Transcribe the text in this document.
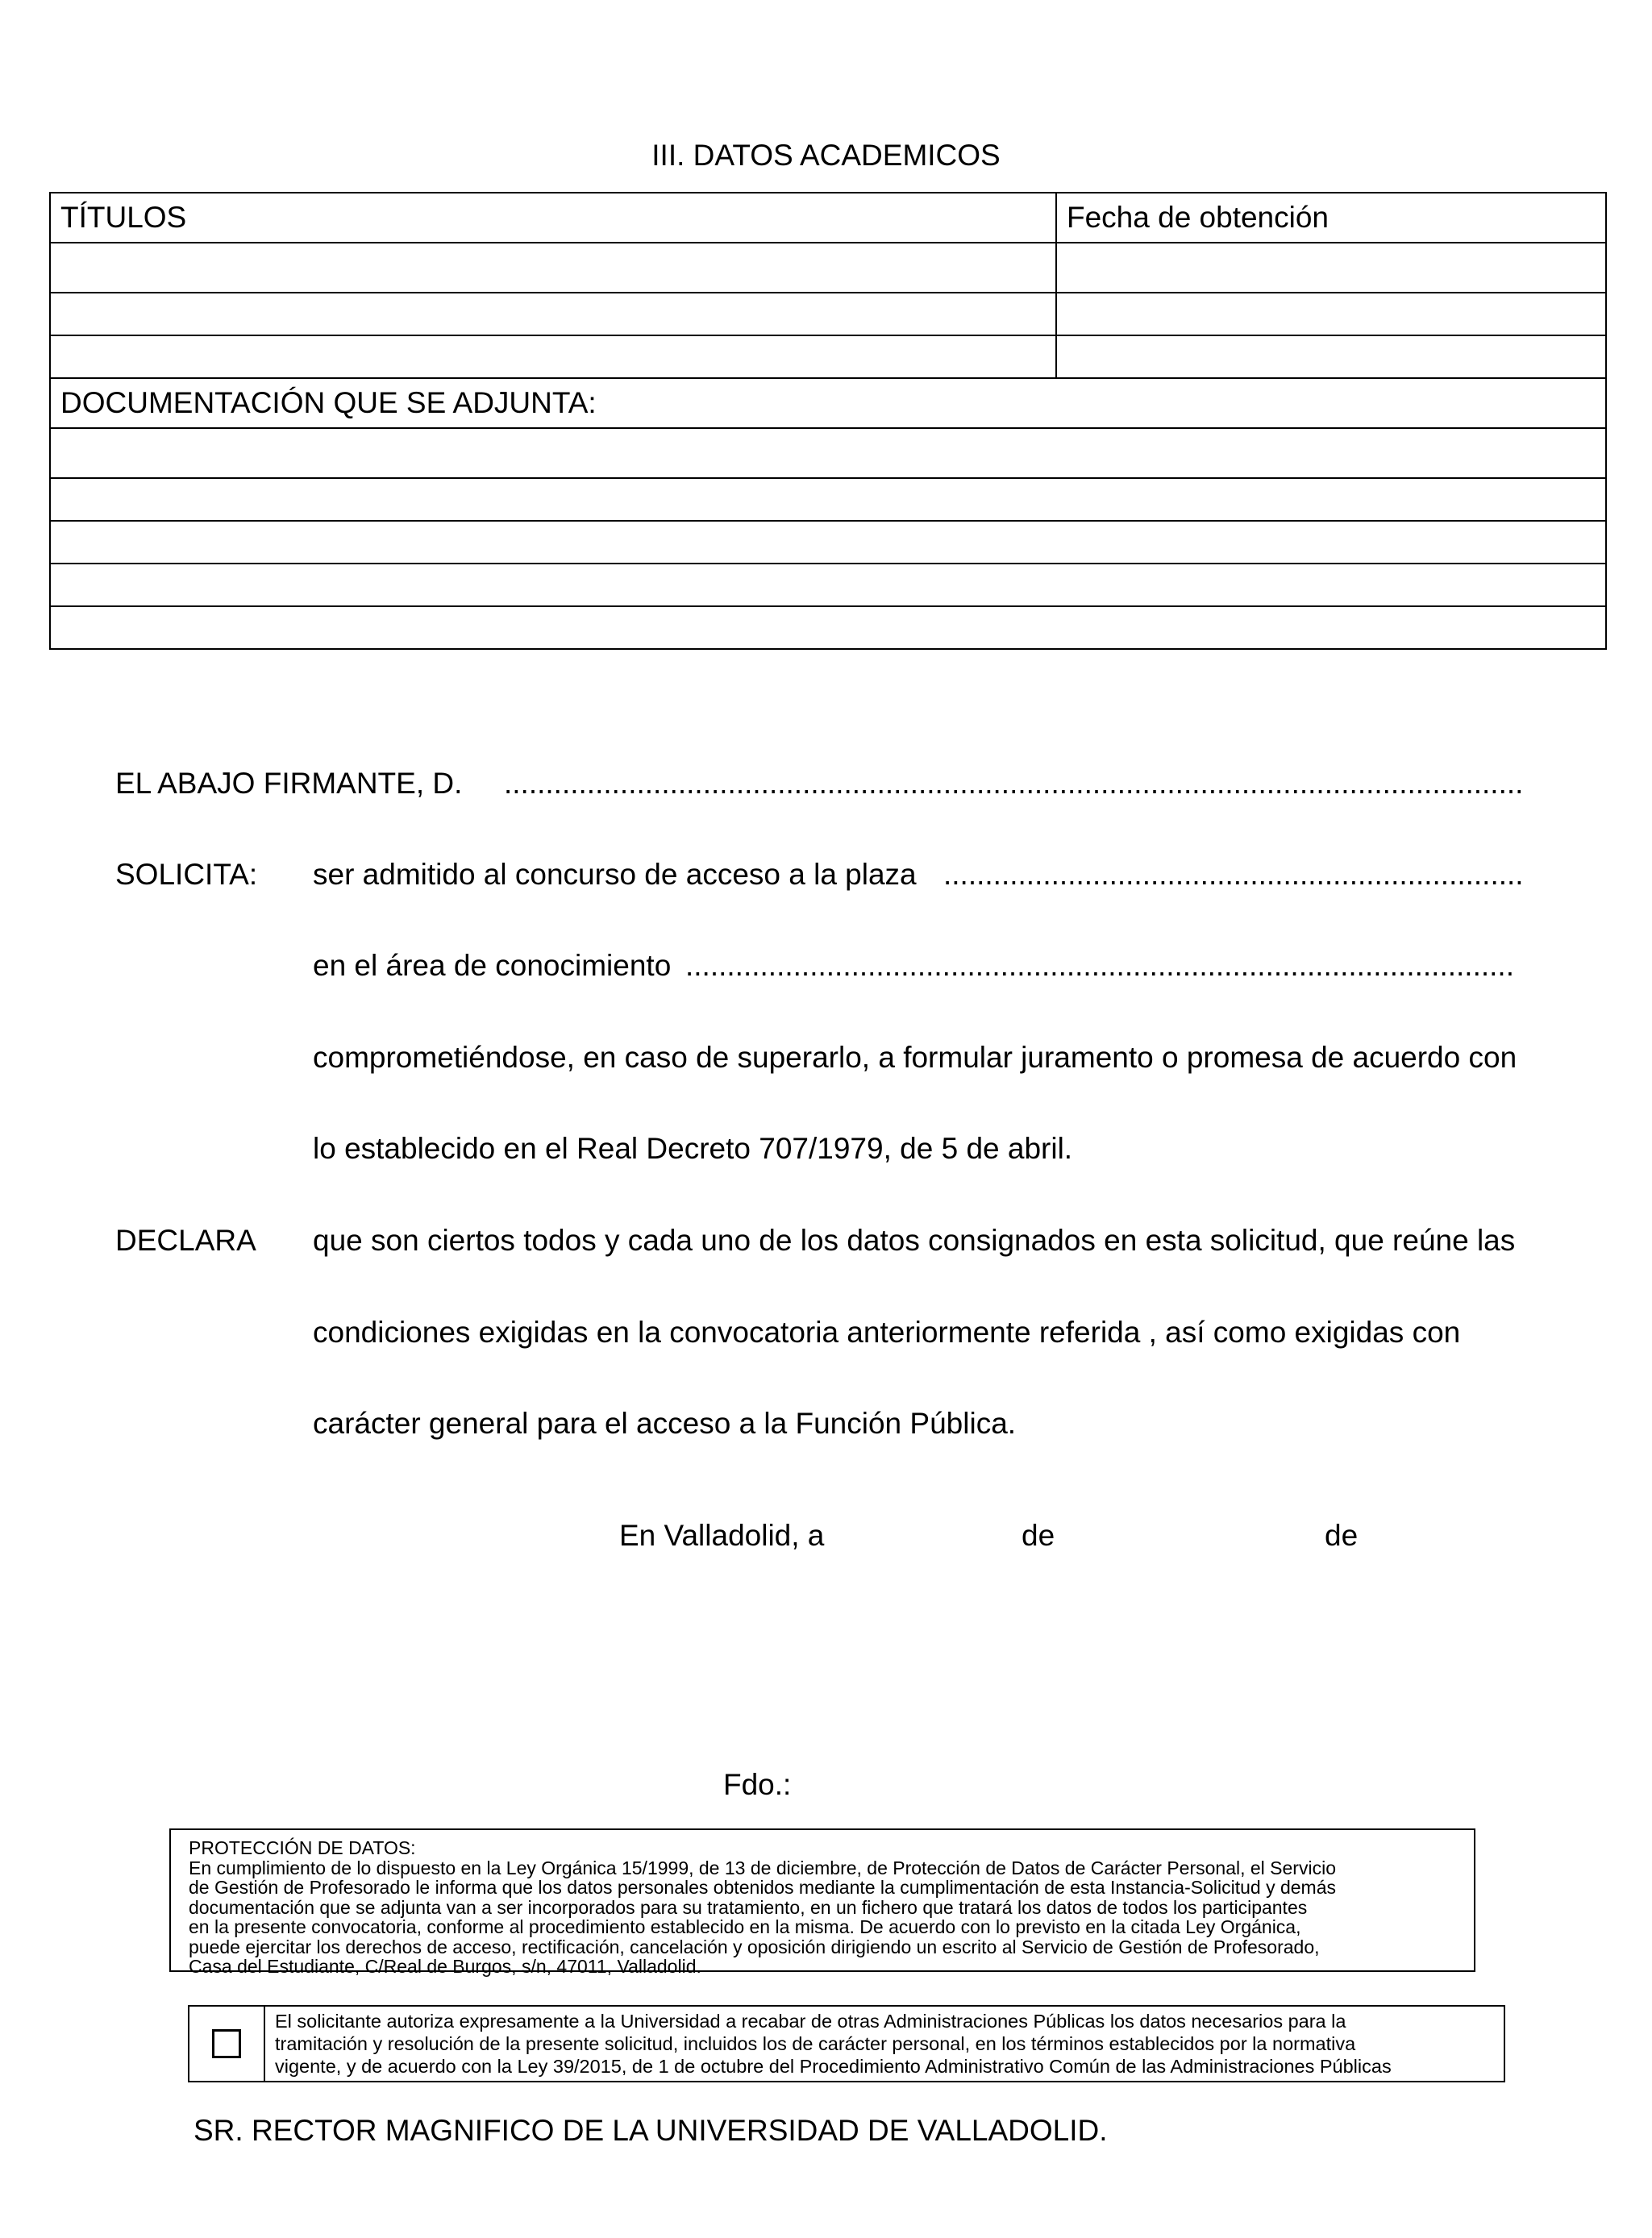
III. DATOS ACADEMICOS
TÍTULOS	Fecha de obtención

DOCUMENTACIÓN QUE SE ADJUNTA:	

EL ABAJO FIRMANTE, D. ...........................................................................................................................
SOLICITA: ser admitido al concurso de acceso a la plaza ......................................................................
en el área de conocimiento ....................................................................................................
comprometiéndose, en caso de superarlo, a formular juramento o promesa de acuerdo con
lo establecido en el Real Decreto 707/1979, de 5 de abril.
DECLARA que son ciertos todos y cada uno de los datos consignados en esta solicitud, que reúne las
condiciones exigidas en la convocatoria anteriormente referida , así como exigidas con
carácter general para el acceso a la Función Pública.
En Valladolid, a	de	de
Fdo.:
PROTECCIÓN DE DATOS:
En cumplimiento de lo dispuesto en la Ley Orgánica 15/1999, de 13 de diciembre, de Protección de Datos de Carácter Personal, el Servicio
de Gestión de Profesorado le informa que los datos personales obtenidos mediante la cumplimentación de esta Instancia-Solicitud y demás
documentación que se adjunta van a ser incorporados para su tratamiento, en un fichero que tratará los datos de todos los participantes
en la presente convocatoria, conforme al procedimiento establecido en la misma. De acuerdo con lo previsto en la citada Ley Orgánica,
puede ejercitar los derechos de acceso, rectificación, cancelación y oposición dirigiendo un escrito al Servicio de Gestión de Profesorado,
Casa del Estudiante, C/Real de Burgos, s/n, 47011, Valladolid.
El solicitante autoriza expresamente a la Universidad a recabar de otras Administraciones Públicas los datos necesarios para la
tramitación y resolución de la presente solicitud, incluidos los de carácter personal, en los términos establecidos por la normativa
vigente, y de acuerdo con la Ley 39/2015, de 1 de octubre del Procedimiento Administrativo Común de las Administraciones Públicas
SR. RECTOR MAGNIFICO DE LA UNIVERSIDAD DE VALLADOLID.
